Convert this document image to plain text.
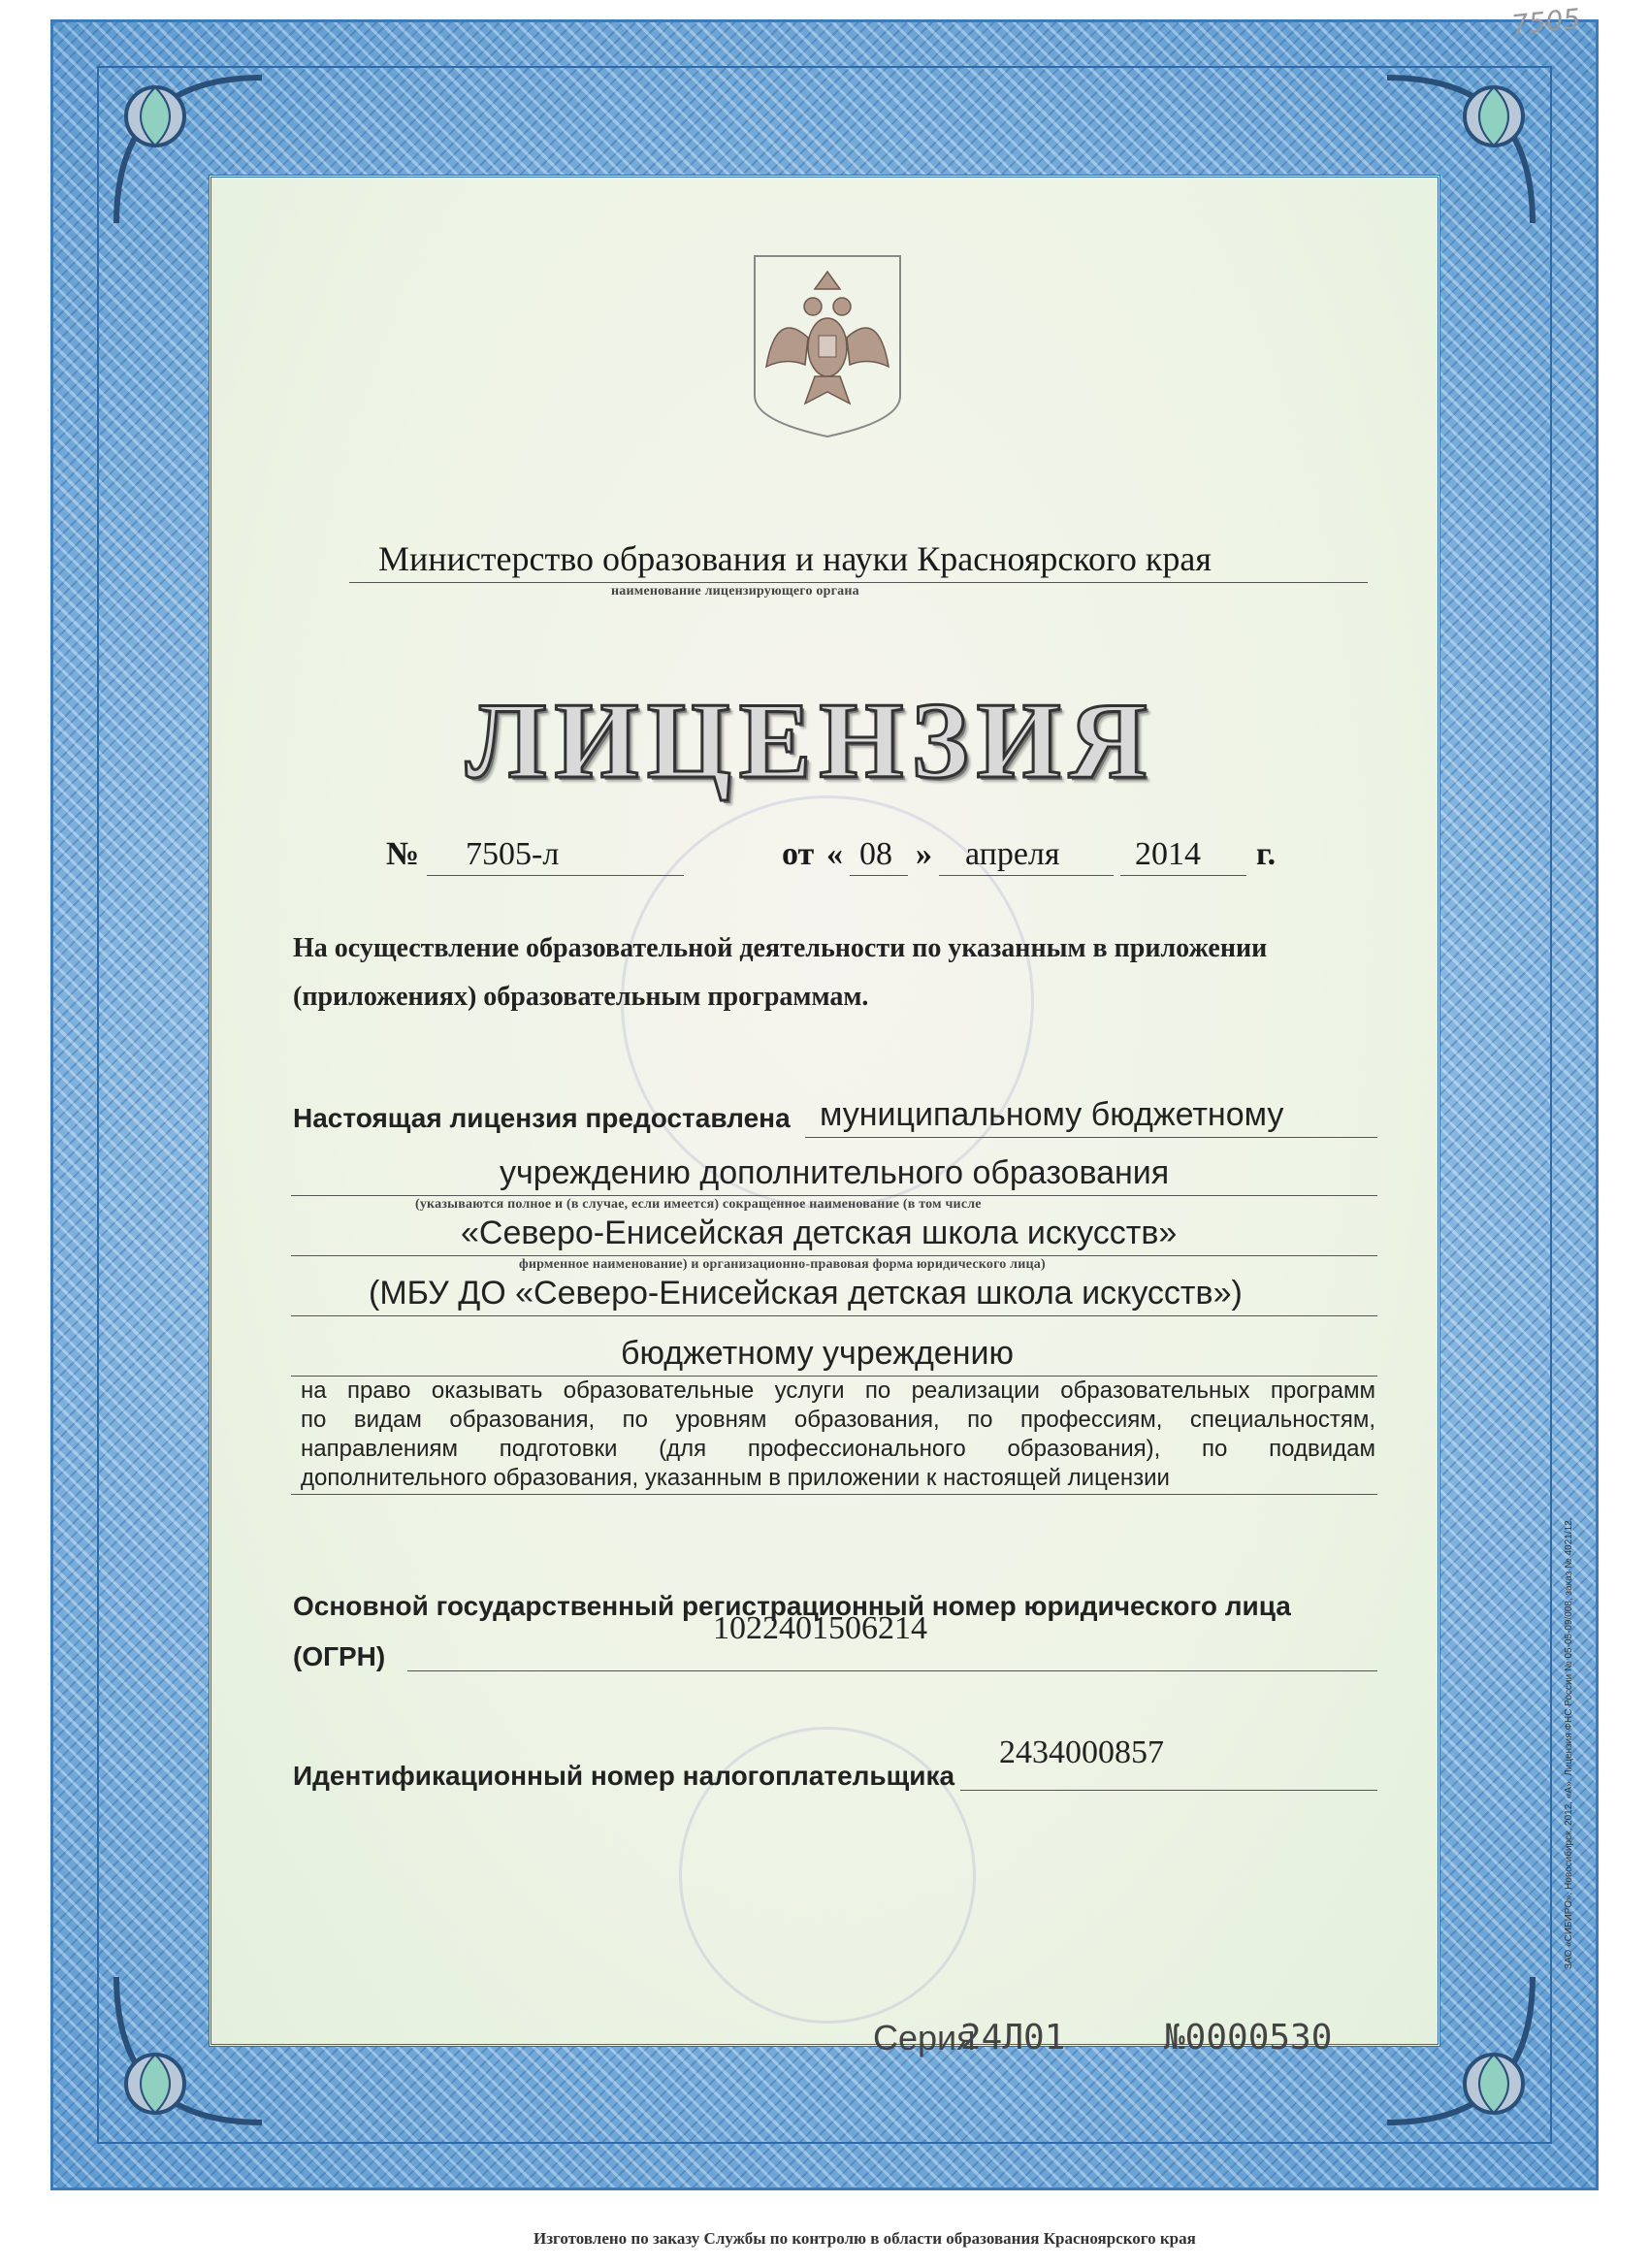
7505
Министерство образования и науки Красноярского края
наименование лицензирующего органа
ЛИЦЕНЗИЯ
№ 7505-л	от « 08 » апреля 2014 г.
На осуществление образовательной деятельности по указанным в приложении
(приложениях) образовательным программам.
Настоящая лицензия предоставлена муниципальному бюджетному
учреждению дополнительного образования
(указываются полное и (в случае, если имеется) сокращенное наименование (в том числе
«Северо-Енисейская детская школа искусств»
фирменное наименование) и организационно-правовая форма юридического лица)
(МБУ ДО «Северо-Енисейская детская школа искусств»)
бюджетному учреждению
на право оказывать образовательные услуги по реализации образовательных программ
по видам образования, по уровням образования, по профессиям, специальностям,
направлениям подготовки (для профессионального образования), по подвидам
дополнительного образования, указанным в приложении к настоящей лицензии
Основной государственный регистрационный номер юридического лица
(ОГРН)
1022401506214
Идентификационный номер налогоплательщика
2434000857
Серия
24Л01	№0000530
ЗАО «СИБИРО», Новосибирск, 2012, «А». Лицензия ФНС России № 05-05-09/008, заказ № 4021/12.
Изготовлено по заказу Службы по контролю в области образования Красноярского края
